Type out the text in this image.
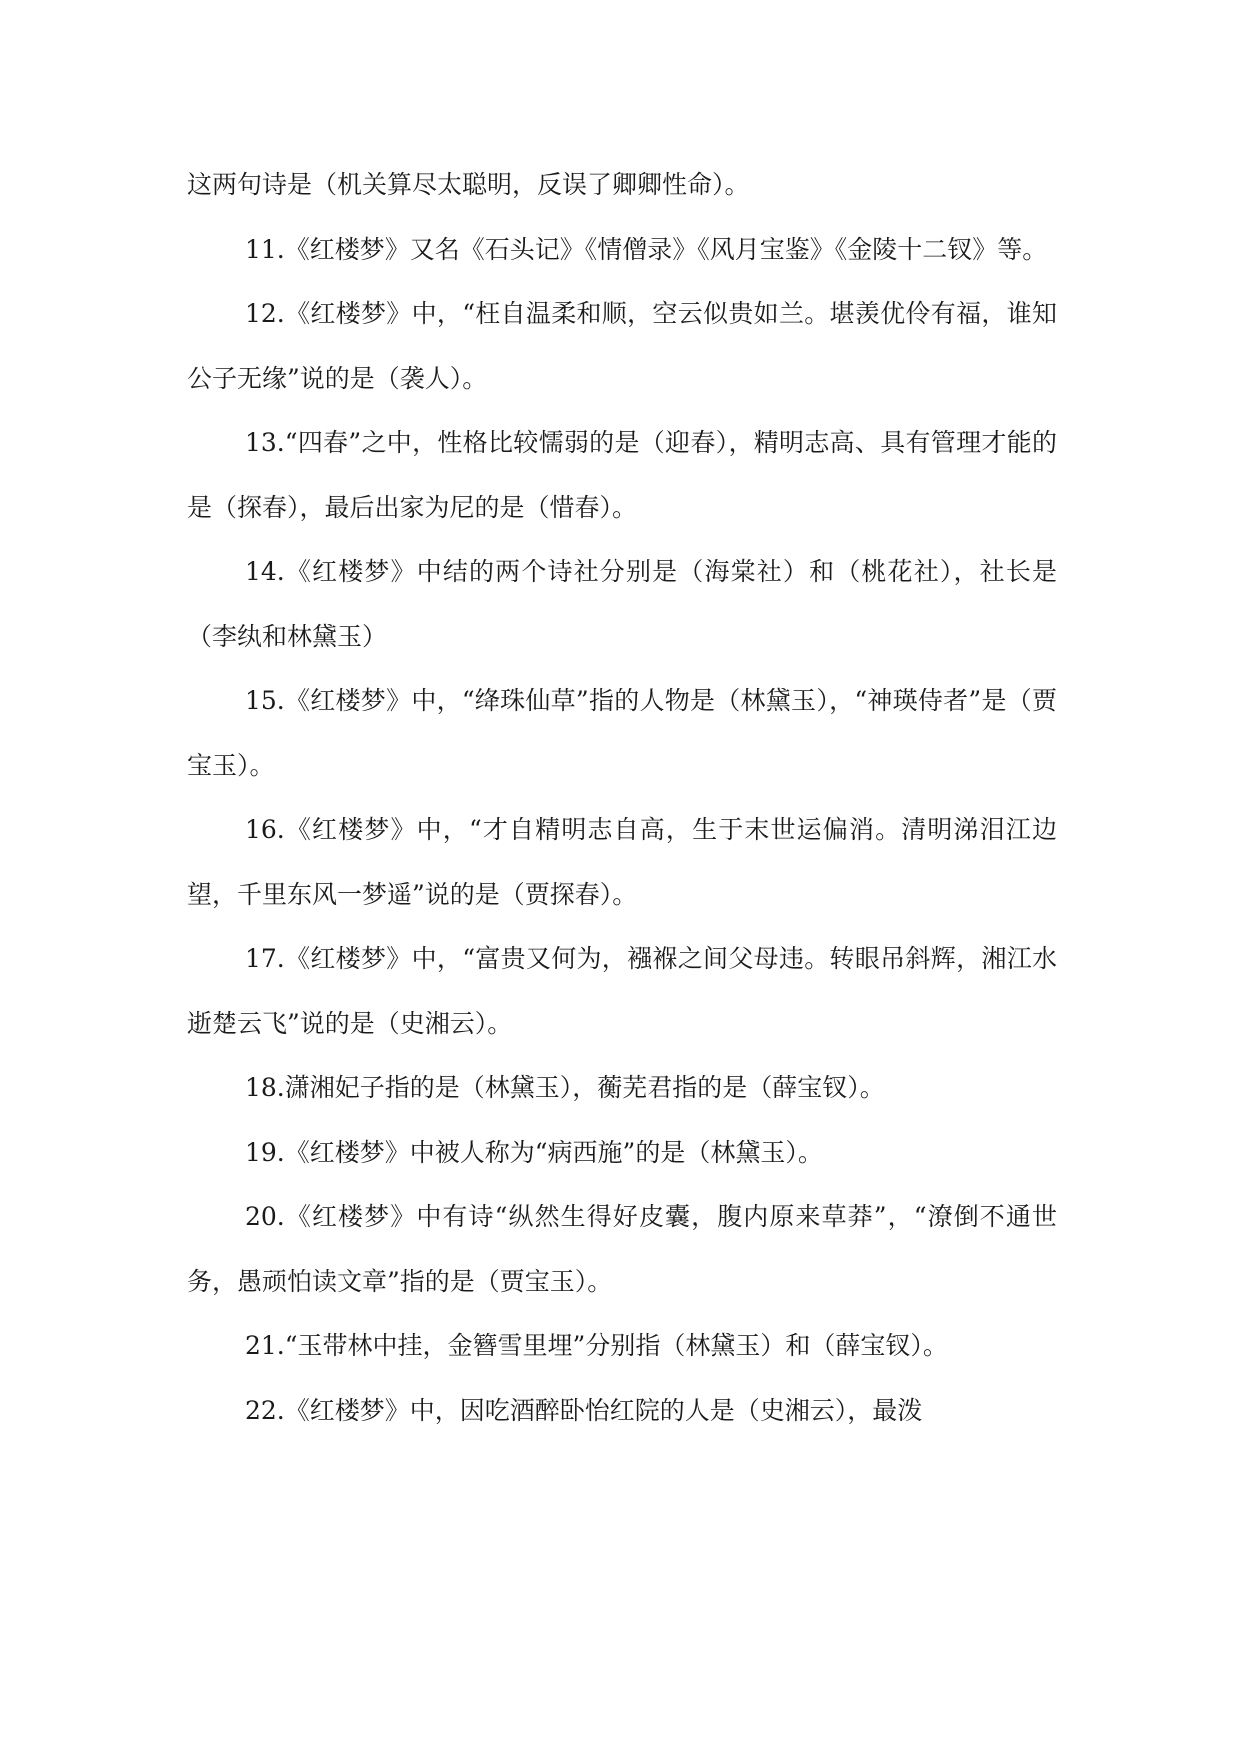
这两句诗是（机关算尽太聪明，反误了卿卿性命）。

11.《红楼梦》又名《石头记》《情僧录》《风月宝鉴》《金陵十二钗》等。

12.《红楼梦》中，“枉自温柔和顺，空云似贵如兰。堪羡优伶有福，谁知公子无缘”说的是（袭人）。

13.“四春”之中，性格比较懦弱的是（迎春），精明志高、具有管理才能的是（探春），最后出家为尼的是（惜春）。

14.《红楼梦》中结的两个诗社分别是（海棠社）和（桃花社），社长是（李纨和林黛玉）

15.《红楼梦》中，“绛珠仙草”指的人物是（林黛玉），“神瑛侍者”是（贾宝玉）。

16.《红楼梦》中，“才自精明志自高，生于末世运偏消。清明涕泪江边望，千里东风一梦遥”说的是（贾探春）。

17.《红楼梦》中，“富贵又何为，襁褓之间父母违。转眼吊斜辉，湘江水逝楚云飞”说的是（史湘云）。

18.潇湘妃子指的是（林黛玉），蘅芜君指的是（薛宝钗）。

19.《红楼梦》中被人称为“病西施”的是（林黛玉）。

20.《红楼梦》中有诗“纵然生得好皮囊，腹内原来草莽”，“潦倒不通世务，愚顽怕读文章”指的是（贾宝玉）。

21.“玉带林中挂，金簪雪里埋”分别指（林黛玉）和（薛宝钗）。

22.《红楼梦》中，因吃酒醉卧怡红院的人是（史湘云），最泼
